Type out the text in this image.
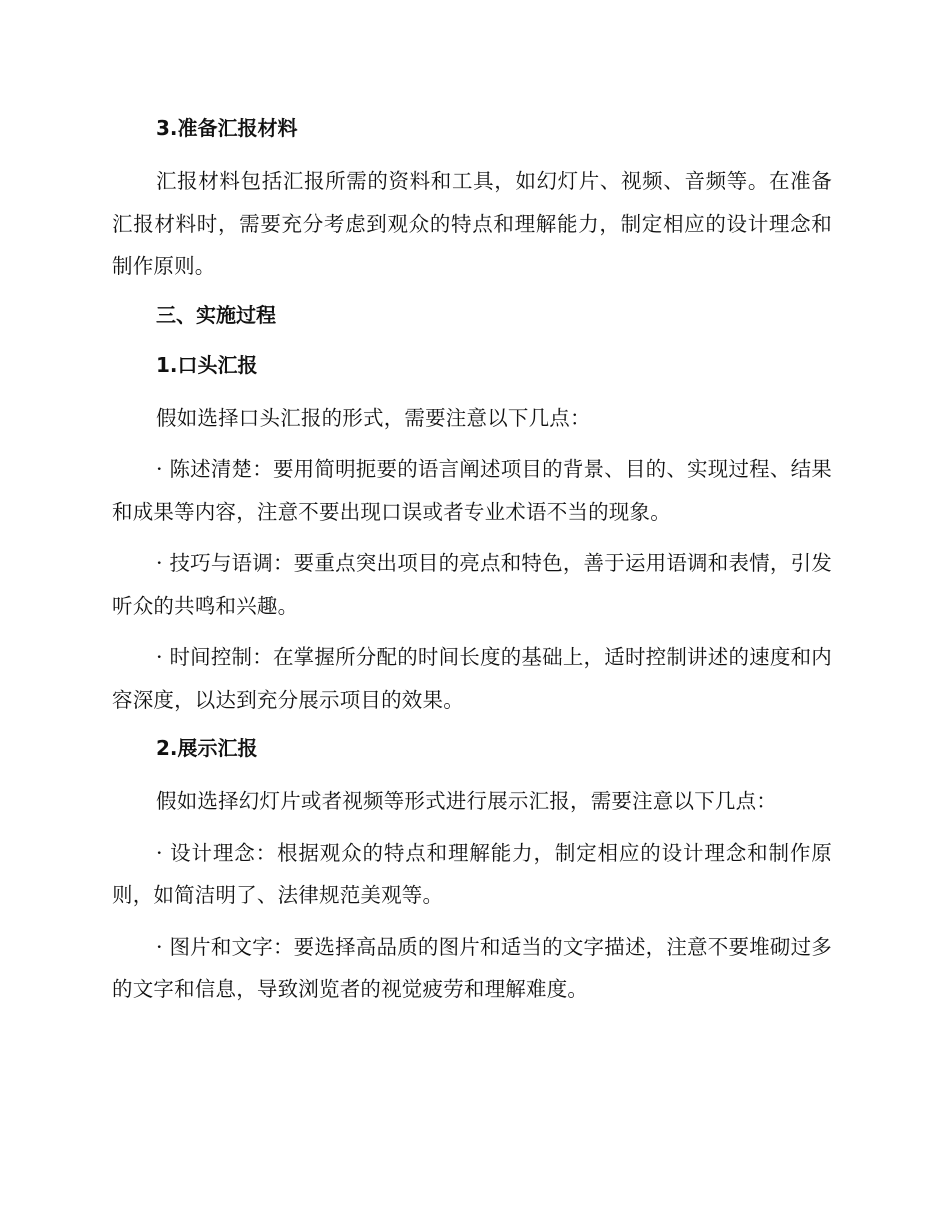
3.准备汇报材料

汇报材料包括汇报所需的资料和工具，如幻灯片、视频、音频等。在准备汇报材料时，需要充分考虑到观众的特点和理解能力，制定相应的设计理念和制作原则。

三、实施过程
1.口头汇报

假如选择口头汇报的形式，需要注意以下几点：

· 陈述清楚：要用简明扼要的语言阐述项目的背景、目的、实现过程、结果和成果等内容，注意不要出现口误或者专业术语不当的现象。

· 技巧与语调：要重点突出项目的亮点和特色，善于运用语调和表情，引发听众的共鸣和兴趣。

· 时间控制：在掌握所分配的时间长度的基础上，适时控制讲述的速度和内容深度，以达到充分展示项目的效果。

2.展示汇报

假如选择幻灯片或者视频等形式进行展示汇报，需要注意以下几点：

· 设计理念：根据观众的特点和理解能力，制定相应的设计理念和制作原则，如简洁明了、法律规范美观等。

· 图片和文字：要选择高品质的图片和适当的文字描述，注意不要堆砌过多的文字和信息，导致浏览者的视觉疲劳和理解难度。
